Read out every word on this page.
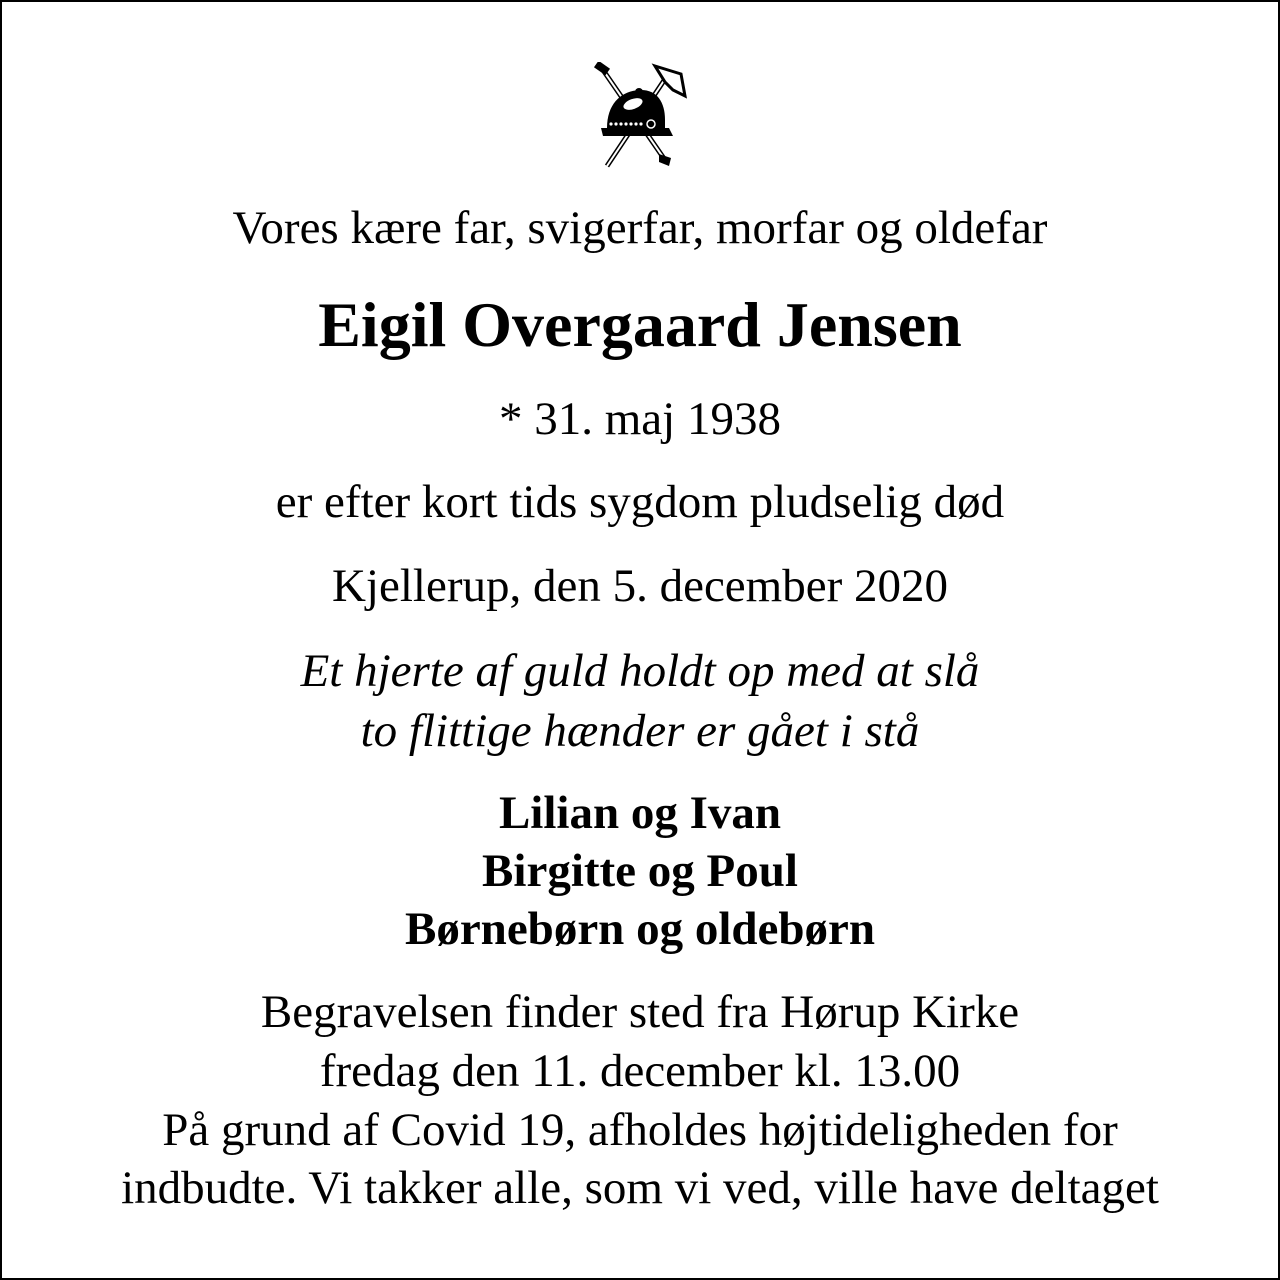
Vores kære far, svigerfar, morfar og oldefar
Eigil Overgaard Jensen
* 31. maj 1938
er efter kort tids sygdom pludselig død
Kjellerup, den 5. december 2020
Et hjerte af guld holdt op med at slå
to flittige hænder er gået i stå
Lilian og Ivan
Birgitte og Poul
Børnebørn og oldebørn
Begravelsen finder sted fra Hørup Kirke
fredag den 11. december kl. 13.00
På grund af Covid 19, afholdes højtideligheden for
indbudte. Vi takker alle, som vi ved, ville have deltaget
